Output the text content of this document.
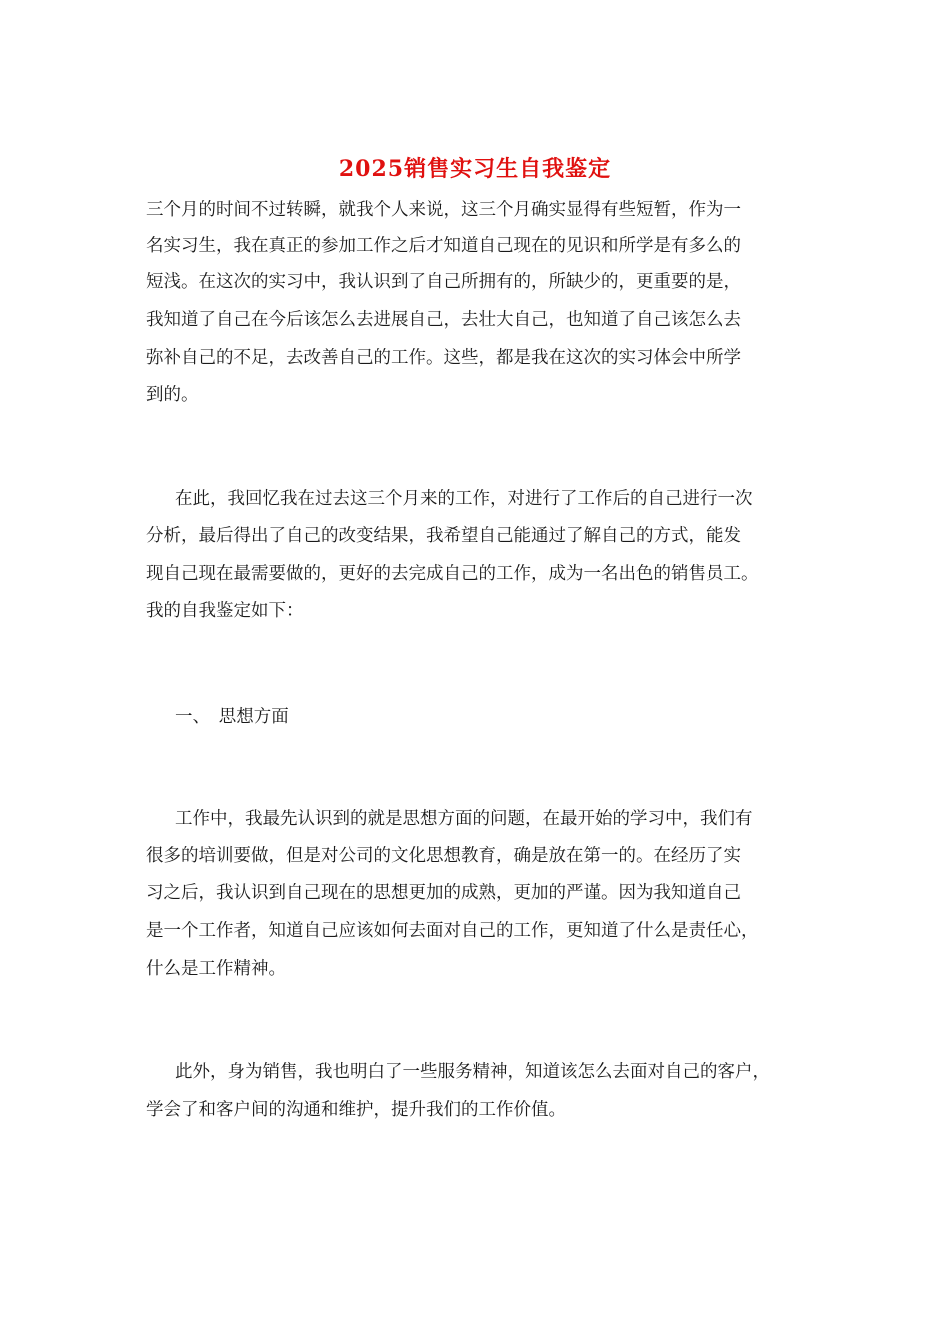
2025销售实习生自我鉴定
三个月的时间不过转瞬，就我个人来说，这三个月确实显得有些短暂，作为一
名实习生，我在真正的参加工作之后才知道自己现在的见识和所学是有多么的
短浅。在这次的实习中，我认识到了自己所拥有的，所缺少的，更重要的是，
我知道了自己在今后该怎么去进展自己，去壮大自己，也知道了自己该怎么去
弥补自己的不足，去改善自己的工作。这些，都是我在这次的实习体会中所学
到的。
在此，我回忆我在过去这三个月来的工作，对进行了工作后的自己进行一次
分析，最后得出了自己的改变结果，我希望自己能通过了解自己的方式，能发
现自己现在最需要做的，更好的去完成自己的工作，成为一名出色的销售员工。
我的自我鉴定如下：
一、　思想方面
工作中，我最先认识到的就是思想方面的问题，在最开始的学习中，我们有
很多的培训要做，但是对公司的文化思想教育，确是放在第一的。在经历了实
习之后，我认识到自己现在的思想更加的成熟，更加的严谨。因为我知道自己
是一个工作者，知道自己应该如何去面对自己的工作，更知道了什么是责任心，
什么是工作精神。
此外，身为销售，我也明白了一些服务精神，知道该怎么去面对自己的客户，
学会了和客户间的沟通和维护，提升我们的工作价值。
